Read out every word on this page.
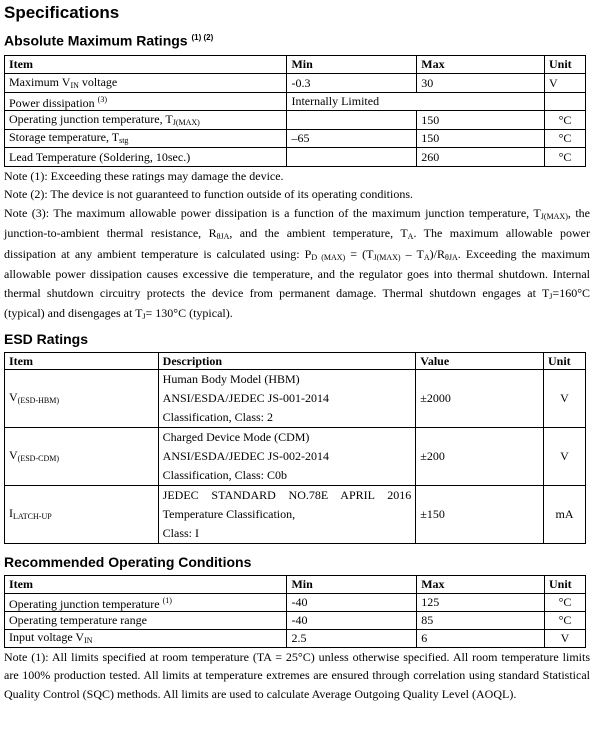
Specifications
Absolute Maximum Ratings $^{(1) (2)}$
Item	Min	Max	Unit
Maximum VIN voltage	-0.3	30	V
Power dissipation $^{(3)}$	Internally Limited		
Operating junction temperature, TJ(MAX)		150	°C
Storage temperature, Tstg	–65	150	°C
Lead Temperature (Soldering, 10sec.)		260	°C

Note (1): Exceeding these ratings may damage the device.

Note (2): The device is not guaranteed to function outside of its operating conditions.

Note (3): The maximum allowable power dissipation is a function of the maximum junction temperature, TJ(MAX), the junction-to-ambient thermal resistance, RθJA, and the ambient temperature, TA. The maximum allowable power dissipation at any ambient temperature is calculated using: PD (MAX) = (TJ(MAX) – TA)/RθJA. Exceeding the maximum allowable power dissipation causes excessive die temperature, and the regulator goes into thermal shutdown. Internal thermal shutdown circuitry protects the device from permanent damage. Thermal shutdown engages at TJ=160°C (typical) and disengages at TJ= 130°C (typical).

ESD Ratings
Item	Description	Value	Unit
V(ESD-HBM)	Human Body Model (HBM)
ANSI/ESDA/JEDEC JS-001-2014
Classification, Class: 2	±2000	V
V(ESD-CDM)	Charged Device Mode (CDM)
ANSI/ESDA/JEDEC JS-002-2014
Classification, Class: C0b	±200	V
ILATCH-UP	JEDEC STANDARD NO.78E APRIL 2016
Temperature Classification,
Class: I	±150	mA
Recommended Operating Conditions
Item	Min	Max	Unit
Operating junction temperature $^{(1)}$	-40	125	°C
Operating temperature range	-40	85	°C
Input voltage VIN	2.5	6	V

Note (1): All limits specified at room temperature (TA = 25°C) unless otherwise specified. All room temperature limits are 100% production tested. All limits at temperature extremes are ensured through correlation using standard Statistical Quality Control (SQC) methods. All limits are used to calculate Average Outgoing Quality Level (AOQL).
